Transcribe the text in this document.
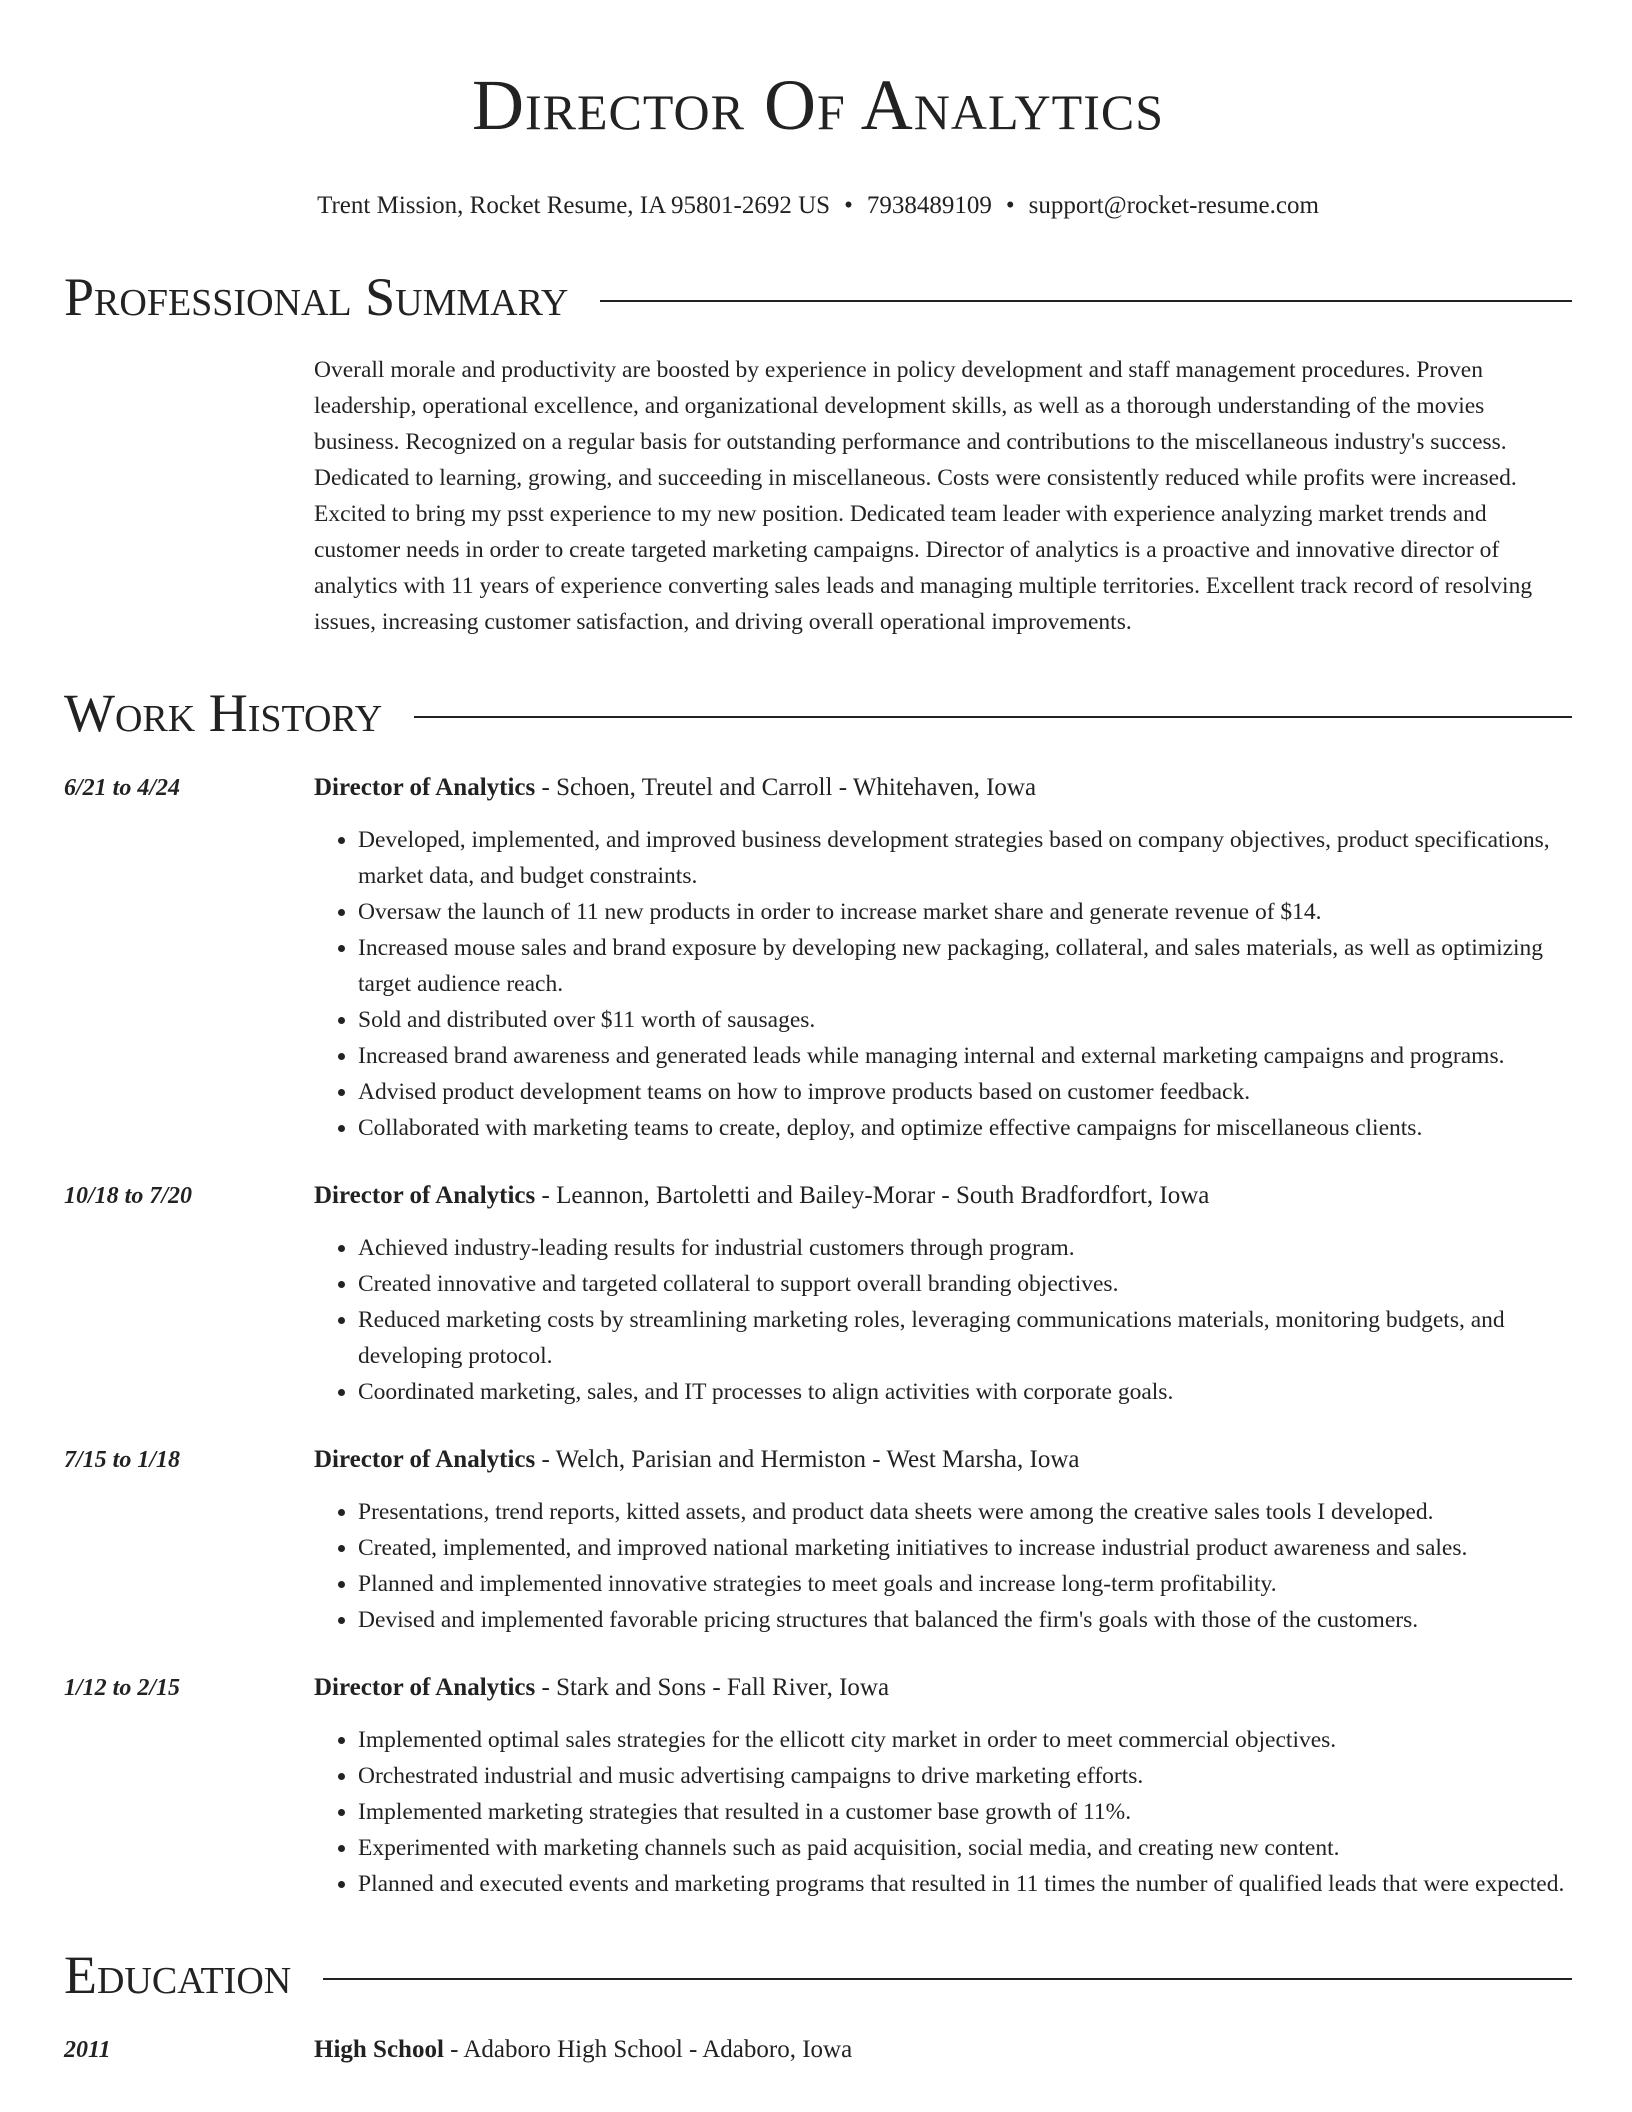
Director Of Analytics
Trent Mission, Rocket Resume, IA 95801-2692 US • 7938489109 • support@rocket-resume.com
Professional Summary
Overall morale and productivity are boosted by experience in policy development and staff management procedures. Proven leadership, operational excellence, and organizational development skills, as well as a thorough understanding of the movies business. Recognized on a regular basis for outstanding performance and contributions to the miscellaneous industry's success. Dedicated to learning, growing, and succeeding in miscellaneous. Costs were consistently reduced while profits were increased. Excited to bring my psst experience to my new position. Dedicated team leader with experience analyzing market trends and customer needs in order to create targeted marketing campaigns. Director of analytics is a proactive and innovative director of analytics with 11 years of experience converting sales leads and managing multiple territories. Excellent track record of resolving issues, increasing customer satisfaction, and driving overall operational improvements.
Work History
6/21 to 4/24	Director of Analytics - Schoen, Treutel and Carroll - Whitehaven, Iowa
• Developed, implemented, and improved business development strategies based on company objectives, product specifications, market data, and budget constraints.
• Oversaw the launch of 11 new products in order to increase market share and generate revenue of $14.
• Increased mouse sales and brand exposure by developing new packaging, collateral, and sales materials, as well as optimizing target audience reach.
• Sold and distributed over $11 worth of sausages.
• Increased brand awareness and generated leads while managing internal and external marketing campaigns and programs.
• Advised product development teams on how to improve products based on customer feedback.
• Collaborated with marketing teams to create, deploy, and optimize effective campaigns for miscellaneous clients.
10/18 to 7/20	Director of Analytics - Leannon, Bartoletti and Bailey-Morar - South Bradfordfort, Iowa
• Achieved industry-leading results for industrial customers through program.
• Created innovative and targeted collateral to support overall branding objectives.
• Reduced marketing costs by streamlining marketing roles, leveraging communications materials, monitoring budgets, and developing protocol.
• Coordinated marketing, sales, and IT processes to align activities with corporate goals.
7/15 to 1/18	Director of Analytics - Welch, Parisian and Hermiston - West Marsha, Iowa
• Presentations, trend reports, kitted assets, and product data sheets were among the creative sales tools I developed.
• Created, implemented, and improved national marketing initiatives to increase industrial product awareness and sales.
• Planned and implemented innovative strategies to meet goals and increase long-term profitability.
• Devised and implemented favorable pricing structures that balanced the firm's goals with those of the customers.
1/12 to 2/15	Director of Analytics - Stark and Sons - Fall River, Iowa
• Implemented optimal sales strategies for the ellicott city market in order to meet commercial objectives.
• Orchestrated industrial and music advertising campaigns to drive marketing efforts.
• Implemented marketing strategies that resulted in a customer base growth of 11%.
• Experimented with marketing channels such as paid acquisition, social media, and creating new content.
• Planned and executed events and marketing programs that resulted in 11 times the number of qualified leads that were expected.
Education
2011	High School - Adaboro High School - Adaboro, Iowa
